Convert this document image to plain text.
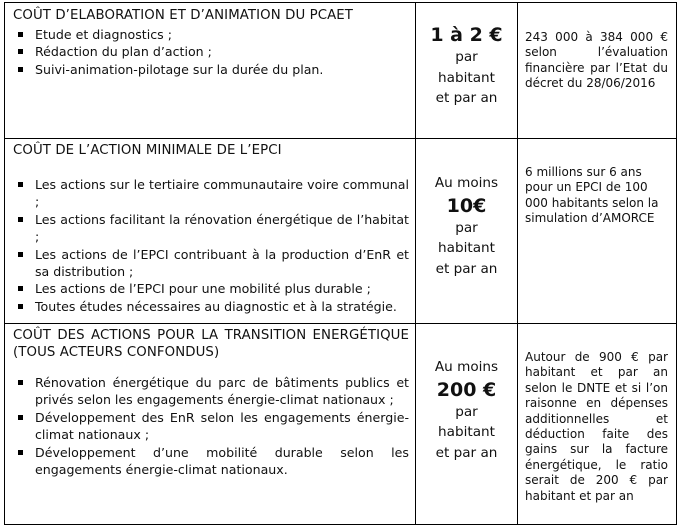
COÛT D’ELABORATION ET D’ANIMATION DU PCAET
Etude et diagnostics ;
Rédaction du plan d’action ;
Suivi-animation-pilotage sur la durée du plan.
1 à 2 €
par
habitant
et par an
243 000 à 384 000 € selon l’évaluation financière par l’Etat du décret du 28/06/2016
COÛT DE L’ACTION MINIMALE DE L’EPCI
Les actions sur le tertiaire communautaire voire communal ;
Les actions facilitant la rénovation énergétique de l’habitat ;
Les actions de l’EPCI contribuant à la production d’EnR et sa distribution ;
Les actions de l’EPCI pour une mobilité plus durable ;
Toutes études nécessaires au diagnostic et à la stratégie.
Au moins
10€
par
habitant
et par an
6 millions sur 6 ans pour un EPCI de 100 000 habitants selon la simulation d’AMORCE
COÛT DES ACTIONS POUR LA TRANSITION ENERGÉTIQUE (TOUS ACTEURS CONFONDUS)
Rénovation énergétique du parc de bâtiments publics et privés selon les engagements énergie-climat nationaux ;
Développement des EnR selon les engagements énergie-climat nationaux ;
Développement d’une mobilité durable selon les engagements énergie-climat nationaux.
Au moins
200 €
par
habitant
et par an
Autour de 900 € par habitant et par an selon le DNTE et si l’on raisonne en dépenses additionnelles et déduction faite des gains sur la facture énergétique, le ratio serait de 200 € par habitant et par an
